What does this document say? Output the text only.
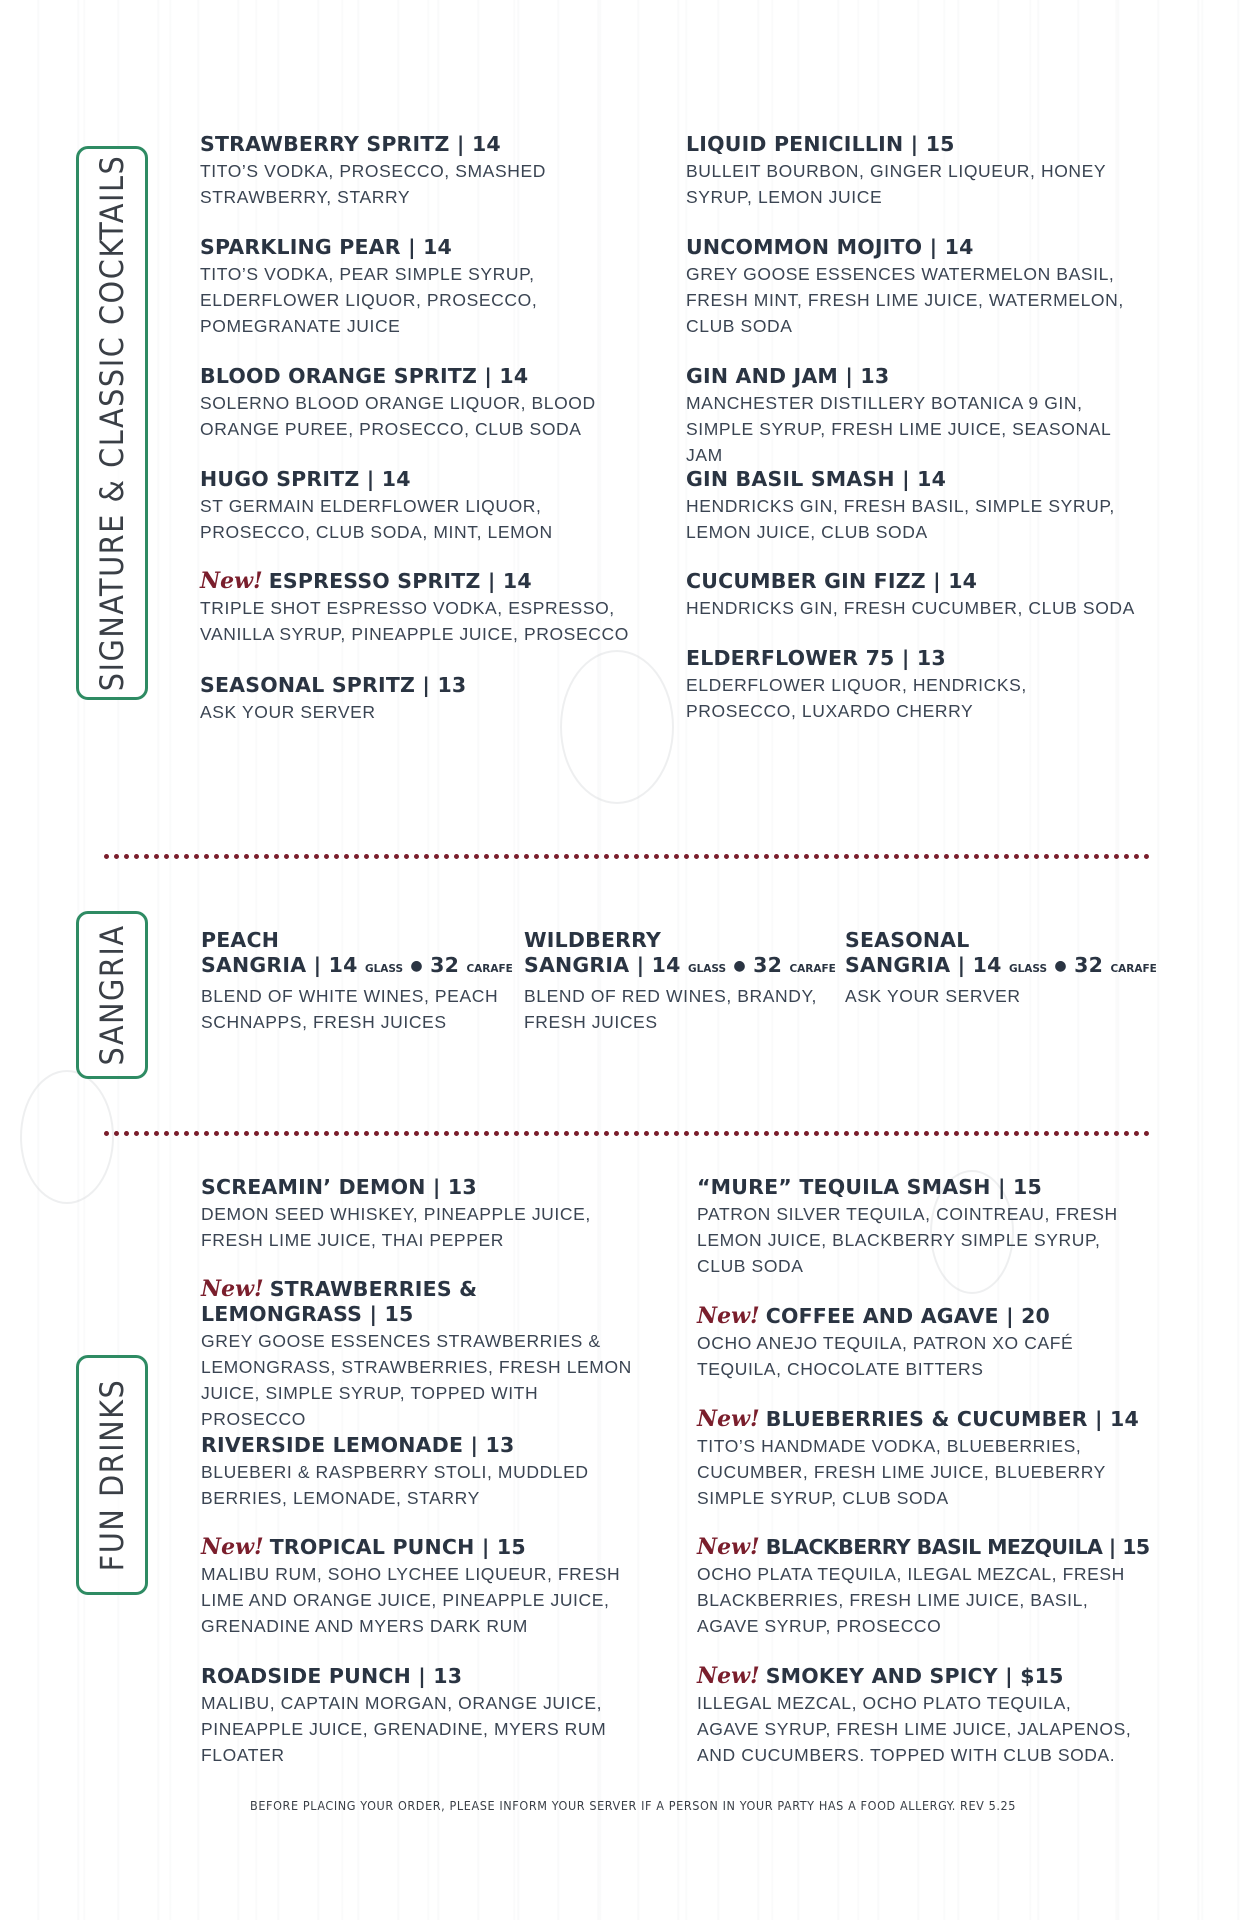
SIGNATURE & CLASSIC COCKTAILS
STRAWBERRY SPRITZ | 14
TITO’S VODKA, PROSECCO, SMASHED STRAWBERRY, STARRY
SPARKLING PEAR | 14
TITO’S VODKA, PEAR SIMPLE SYRUP, ELDERFLOWER LIQUOR, PROSECCO, POMEGRANATE JUICE
BLOOD ORANGE SPRITZ | 14
SOLERNO BLOOD ORANGE LIQUOR, BLOOD ORANGE PUREE, PROSECCO, CLUB SODA
HUGO SPRITZ | 14
ST GERMAIN ELDERFLOWER LIQUOR, PROSECCO, CLUB SODA, MINT, LEMON
New! ESPRESSO SPRITZ | 14
TRIPLE SHOT ESPRESSO VODKA, ESPRESSO, VANILLA SYRUP, PINEAPPLE JUICE, PROSECCO
SEASONAL SPRITZ | 13
ASK YOUR SERVER
LIQUID PENICILLIN | 15
BULLEIT BOURBON, GINGER LIQUEUR, HONEY SYRUP, LEMON JUICE
UNCOMMON MOJITO | 14
GREY GOOSE ESSENCES WATERMELON BASIL, FRESH MINT, FRESH LIME JUICE, WATERMELON, CLUB SODA
GIN AND JAM | 13
MANCHESTER DISTILLERY BOTANICA 9 GIN, SIMPLE SYRUP, FRESH LIME JUICE, SEASONAL JAM
GIN BASIL SMASH | 14
HENDRICKS GIN, FRESH BASIL, SIMPLE SYRUP, LEMON JUICE, CLUB SODA
CUCUMBER GIN FIZZ | 14
HENDRICKS GIN, FRESH CUCUMBER, CLUB SODA
ELDERFLOWER 75 | 13
ELDERFLOWER LIQUOR, HENDRICKS, PROSECCO, LUXARDO CHERRY
SANGRIA	PEACH
SANGRIA | 14 GLASS ● 32 CARAFE
BLEND OF WHITE WINES, PEACH SCHNAPPS, FRESH JUICES
WILDBERRY
SANGRIA | 14 GLASS ● 32 CARAFE
BLEND OF RED WINES, BRANDY, FRESH JUICES
SEASONAL
SANGRIA | 14 GLASS ● 32 CARAFE
ASK YOUR SERVER
FUN DRINKS
SCREAMIN’ DEMON | 13
DEMON SEED WHISKEY, PINEAPPLE JUICE, FRESH LIME JUICE, THAI PEPPER
New! STRAWBERRIES &
LEMONGRASS | 15
GREY GOOSE ESSENCES STRAWBERRIES & LEMONGRASS, STRAWBERRIES, FRESH LEMON JUICE, SIMPLE SYRUP, TOPPED WITH PROSECCO
RIVERSIDE LEMONADE | 13
BLUEBERI & RASPBERRY STOLI, MUDDLED BERRIES, LEMONADE, STARRY
New! TROPICAL PUNCH | 15
MALIBU RUM, SOHO LYCHEE LIQUEUR, FRESH LIME AND ORANGE JUICE, PINEAPPLE JUICE, GRENADINE AND MYERS DARK RUM
ROADSIDE PUNCH | 13
MALIBU, CAPTAIN MORGAN, ORANGE JUICE, PINEAPPLE JUICE, GRENADINE, MYERS RUM FLOATER
“MURE” TEQUILA SMASH | 15
PATRON SILVER TEQUILA, COINTREAU, FRESH LEMON JUICE, BLACKBERRY SIMPLE SYRUP, CLUB SODA
New! COFFEE AND AGAVE | 20
OCHO ANEJO TEQUILA, PATRON XO CAFÉ TEQUILA, CHOCOLATE BITTERS
New! BLUEBERRIES & CUCUMBER | 14
TITO’S HANDMADE VODKA, BLUEBERRIES, CUCUMBER, FRESH LIME JUICE, BLUEBERRY SIMPLE SYRUP, CLUB SODA
New! BLACKBERRY BASIL MEZQUILA | 15
OCHO PLATA TEQUILA, ILEGAL MEZCAL, FRESH BLACKBERRIES, FRESH LIME JUICE, BASIL, AGAVE SYRUP, PROSECCO
New! SMOKEY AND SPICY | $15
ILLEGAL MEZCAL, OCHO PLATO TEQUILA, AGAVE SYRUP, FRESH LIME JUICE, JALAPENOS, AND CUCUMBERS. TOPPED WITH CLUB SODA.
BEFORE PLACING YOUR ORDER, PLEASE INFORM YOUR SERVER IF A PERSON IN YOUR PARTY HAS A FOOD ALLERGY. REV 5.25
